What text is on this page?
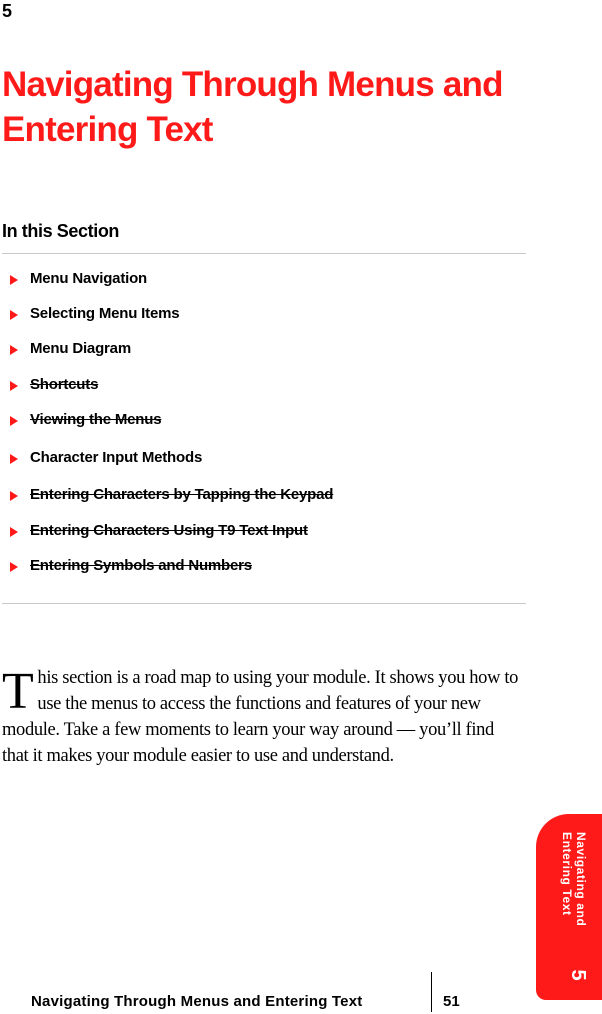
5
Navigating Through Menus and
Entering Text
In this Section
Menu Navigation
Selecting Menu Items
Menu Diagram
Shortcuts
Viewing the Menus
Character Input Methods
Entering Characters by Tapping the Keypad
Entering Characters Using T9 Text Input
Entering Symbols and Numbers

This section is a road map to using your module. It shows you how to use the menus to access the functions and features of your new module. Take a few moments to learn your way around — you’ll find that it makes your module easier to use and understand.

Navigating and
Entering Text
5
Navigating Through Menus and Entering Text	51
